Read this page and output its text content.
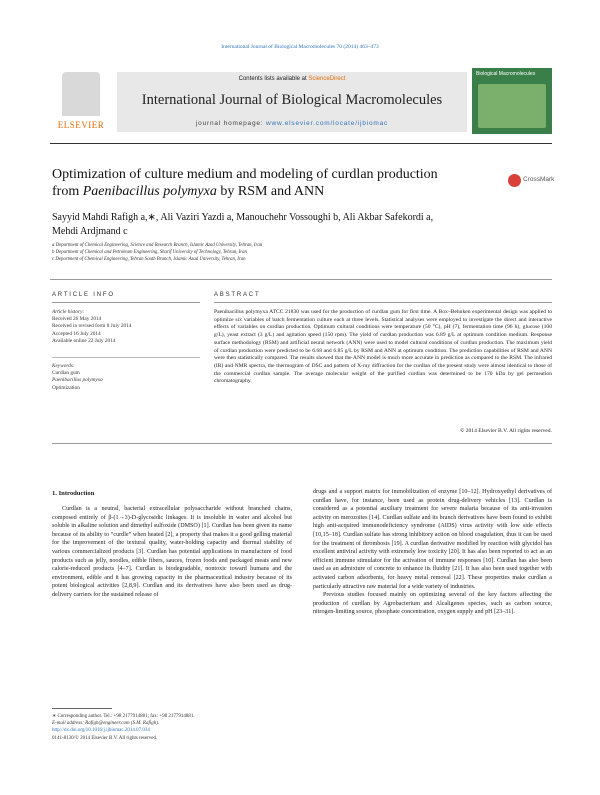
International Journal of Biological Macromolecules 70 (2014) 463–473
ELSEVIER
Contents lists available at ScienceDirect
International Journal of Biological Macromolecules
journal homepage: www.elsevier.com/locate/ijbiomac
Biological Macromolecules
Optimization of culture medium and modeling of curdlan production
from Paenibacillus polymyxa by RSM and ANN
CrossMark
Sayyid Mahdi Rafigh a,∗, Ali Vaziri Yazdi a, Manouchehr Vossoughi b, Ali Akbar Safekordi a,
Mehdi Ardjmand c
a Department of Chemical Engineering, Science and Research Branch, Islamic Azad University, Tehran, Iran
b Department of Chemical and Petroleum Engineering, Sharif University of Technology, Tehran, Iran
c Department of Chemical Engineering, Tehran South Branch, Islamic Azad University, Tehran, Iran
ARTICLE INFO	ABSTRACT
Article history:
Received 26 May 2014
Received in revised form 8 July 2014
Accepted 16 July 2014
Available online 22 July 2014
Keywords:
Curdlan gum
Paenibacillus polymyxa
Optimization
Paenibacillus polymyxa ATCC 21830 was used for the production of curdlan gum for first time. A Box–Behnken experimental design was applied to optimize six variables of batch fermentation culture each at three levels. Statistical analyses were employed to investigate the direct and interactive effects of variables on curdlan production. Optimum cultural conditions were temperature (50 °C), pH (7), fermentation time (96 h), glucose (100 g/L), yeast extract (3 g/L) and agitation speed (150 rpm). The yield of curdlan production was 6.89 g/L at optimum condition medium. Response surface methodology (RSM) and artificial neural network (ANN) were used to model cultural conditions of curdlan production. The maximum yield of curdlan production were predicted to be 6.68 and 6.85 g/L by RSM and ANN at optimum condition. The prediction capabilities of RSM and ANN were then statistically compared. The results showed that the ANN model is much more accurate in prediction as compared to the RSM. The infrared (IR) and NMR spectra, the thermogram of DSC and pattern of X-ray diffraction for the curdlan of the present study were almost identical to those of the commercial curdlan sample. The average molecular weight of the purified curdlan was determined to be 170 kDa by gel permeation chromatography.
© 2014 Elsevier B.V. All rights reserved.
1. Introduction

Curdlan is a neutral, bacterial extracellular polysaccharide without branched chains, composed entirely of β-(1→3)-D-glycosidic linkages. It is insoluble in water and alcohol but soluble in alkaline solution and dimethyl sulfoxide (DMSO) [1]. Curdlan has been given its name because of its ability to “curdle” when heated [2], a property that makes it a good gelling material for the improvement of the textural quality, water-holding capacity and thermal stability of various commercialized products [3]. Curdlan has potential applications in manufacture of food products such as jelly, noodles, edible fibers, sauces, frozen foods and packaged meats and new calorie-reduced products [4–7]. Curdlan is biodegradable, nontoxic toward humans and the environment, edible and it has growing capacity in the pharmaceutical industry because of its potent biological activities [2,8,9]. Curdlan and its derivatives have also been used as drug-delivery carriers for the sustained release of

drugs and a support matrix for immobilization of enzyme [10–12]. Hydroxyethyl derivatives of curdlan have, for instance, been used as protein drug-delivery vehicles [13]. Curdlan is considered as a potential auxiliary treatment for severe malaria because of its anti-invasion activity on merozoites [14]. Curdlan sulfate and its branch derivatives have been found to exhibit high anti-acquired immunodeficiency syndrome (AIDS) virus activity with low side effects [10,15–18]. Curdlan sulfate has strong inhibitory action on blood coagulation, thus it can be used for the treatment of thrombosis [19]. A curdlan derivative modified by reaction with glycidol has excellent antiviral activity with extremely low toxicity [20]. It has also been reported to act as an efficient immune stimulator for the activation of immune responses [10]. Curdlan has also been used as an admixture of concrete to enhance its fluidity [21]. It has also been used together with activated carbon adsorbents, for heavy metal removal [22]. These properties make curdlan a particularly attractive raw material for a wide variety of industries.

Previous studies focused mainly on optimizing several of the key factors affecting the production of curdlan by Agrobacterium and Alcaligenes species, such as carbon source, nitrogen-limiting source, phosphate concentration, oxygen supply and pH [23–31].

∗ Corresponding author. Tel.: +98 2177914881; fax: +98 2177914881.
E-mail address: Rafigh@engineer.com (S.M. Rafigh).
http://dx.doi.org/10.1016/j.ijbiomac.2014.07.034
0141-8130/© 2014 Elsevier B.V. All rights reserved.
